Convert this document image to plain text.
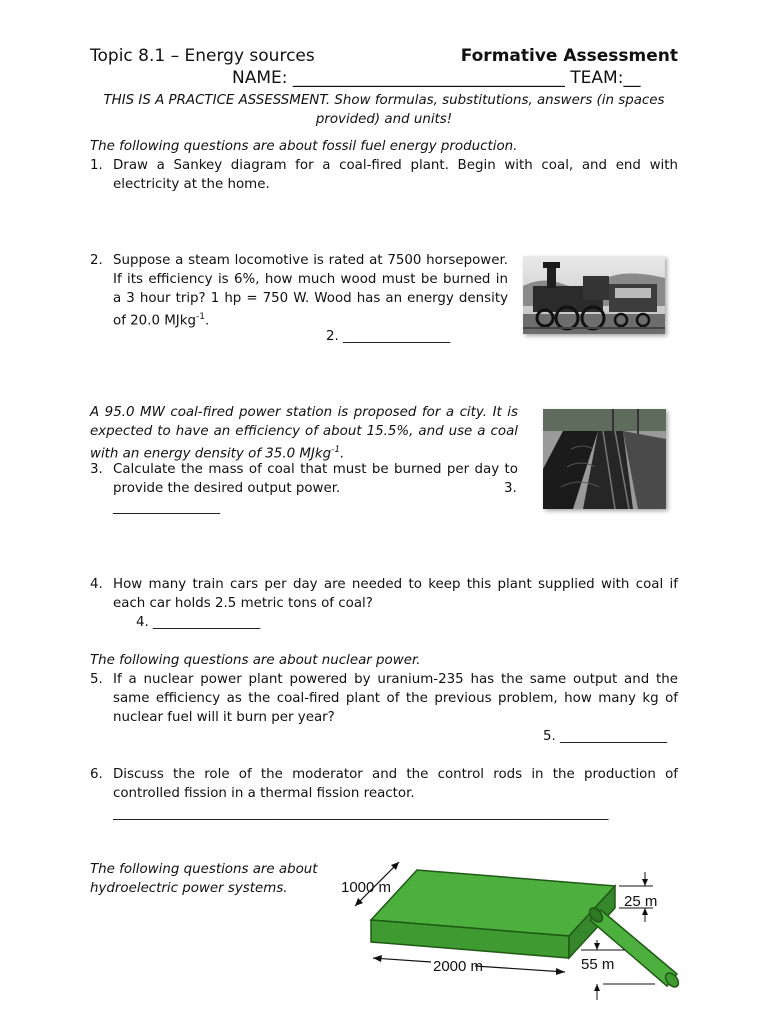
Topic 8.1 – Energy sources	Formative Assessment
NAME: ________________________________ TEAM:__
THIS IS A PRACTICE ASSESSMENT. Show formulas, substitutions, answers (in spaces provided) and units!
The following questions are about fossil fuel energy production.
1. Draw a Sankey diagram for a coal-fired plant. Begin with coal, and end with electricity at the home.
2. Suppose a steam locomotive is rated at 7500 horsepower. If its efficiency is 6%, how much wood must be burned in a 3 hour trip? 1 hp = 750 W. Wood has an energy density of 20.0 MJkg$^{-1}$.
2. ________________
A 95.0 MW coal-fired power station is proposed for a city. It is expected to have an efficiency of about 15.5%, and use a coal with an energy density of 35.0 MJkg$^{-1}$.
3. Calculate the mass of coal that must be burned per day to provide the desired output power.	3.
________________
4. How many train cars per day are needed to keep this plant supplied with coal if each car holds 2.5 metric tons of coal?
4. ________________
The following questions are about nuclear power.
5. If a nuclear power plant powered by uranium-235 has the same output and the same efficiency as the coal-fired plant of the previous problem, how many kg of nuclear fuel will it burn per year?
5. ________________
6. Discuss the role of the moderator and the control rods in the production of controlled fission in a thermal fission reactor.
__________________________________________________________________________
The following questions are about hydroelectric power systems.	1000 m
2000 m
25 m
55 m
